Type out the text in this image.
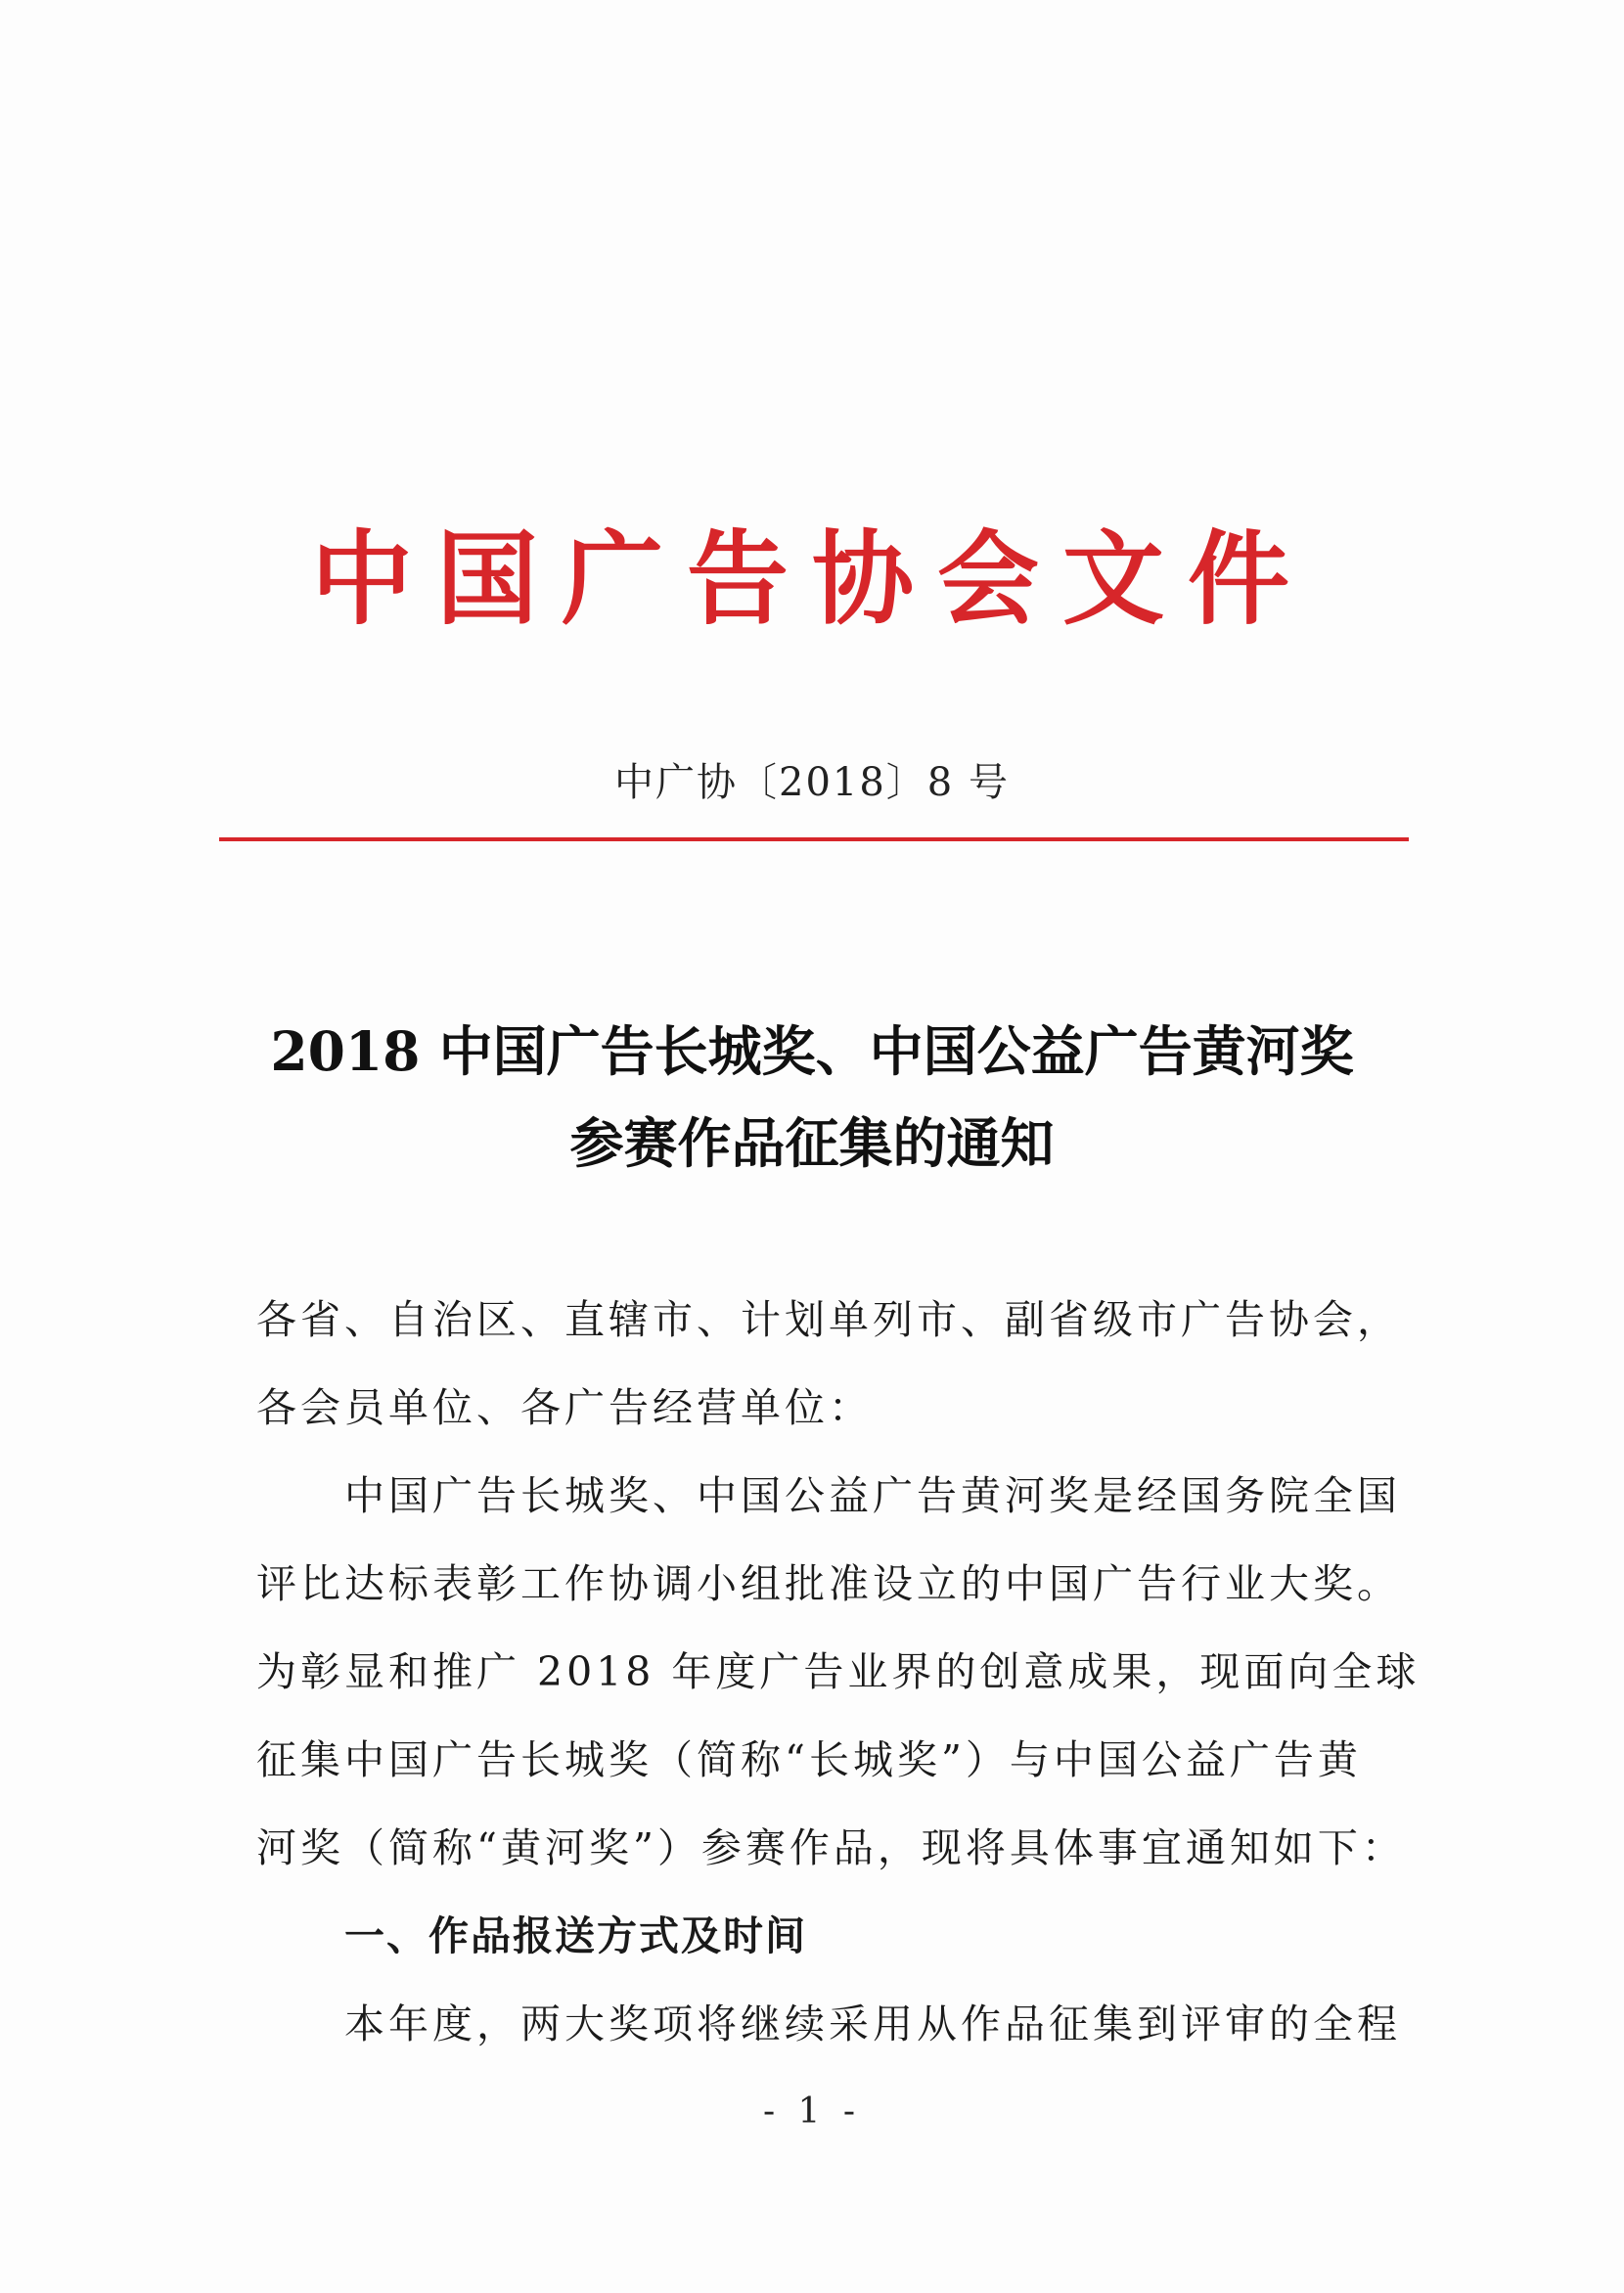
中国广告协会文件
中广协〔2018〕8 号
2018 中国广告长城奖、中国公益广告黄河奖
参赛作品征集的通知
各省、自治区、直辖市、计划单列市、副省级市广告协会，
各会员单位、各广告经营单位：
中国广告长城奖、中国公益广告黄河奖是经国务院全国
评比达标表彰工作协调小组批准设立的中国广告行业大奖。
为彰显和推广 2018 年度广告业界的创意成果，现面向全球
征集中国广告长城奖（简称“长城奖”）与中国公益广告黄
河奖（简称“黄河奖”）参赛作品，现将具体事宜通知如下：
一、作品报送方式及时间
本年度，两大奖项将继续采用从作品征集到评审的全程
- 1 -
